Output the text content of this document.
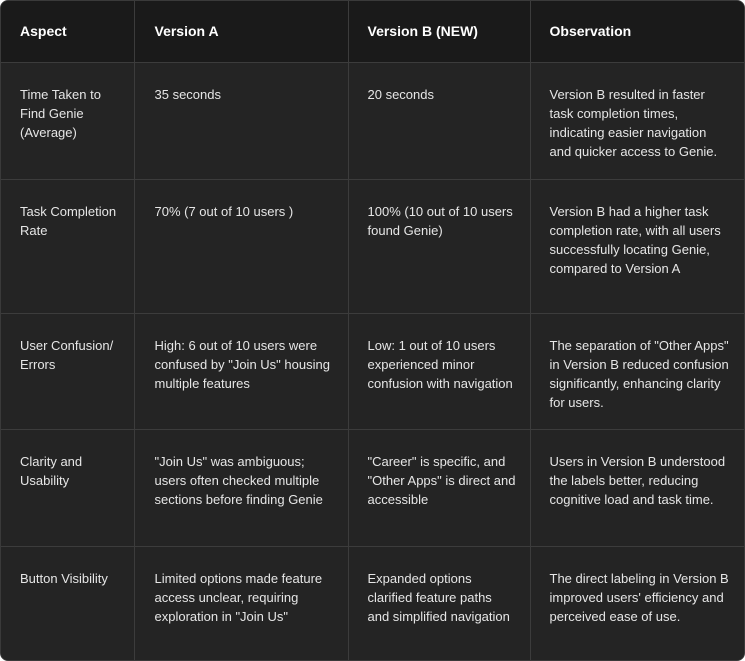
Aspect	Version A	Version B (NEW)	Observation
Time Taken to Find Genie (Average)	35 seconds	20 seconds	Version B resulted in faster task completion times, indicating easier navigation and quicker access to Genie.
Task Completion Rate	70% (7 out of 10 users )	100% (10 out of 10 users found Genie)	Version B had a higher task completion rate, with all users successfully locating Genie, compared to Version A
User Confusion/ Errors	High: 6 out of 10 users were confused by "Join Us" housing multiple features	Low: 1 out of 10 users experienced minor confusion with navigation	The separation of "Other Apps" in Version B reduced confusion significantly, enhancing clarity for users.
Clarity and Usability	"Join Us" was ambiguous; users often checked multiple sections before finding Genie	"Career" is specific, and "Other Apps" is direct and accessible	Users in Version B understood the labels better, reducing cognitive load and task time.
Button Visibility	Limited options made feature access unclear, requiring exploration in "Join Us"	Expanded options clarified feature paths and simplified navigation	The direct labeling in Version B improved users' efficiency and perceived ease of use.
